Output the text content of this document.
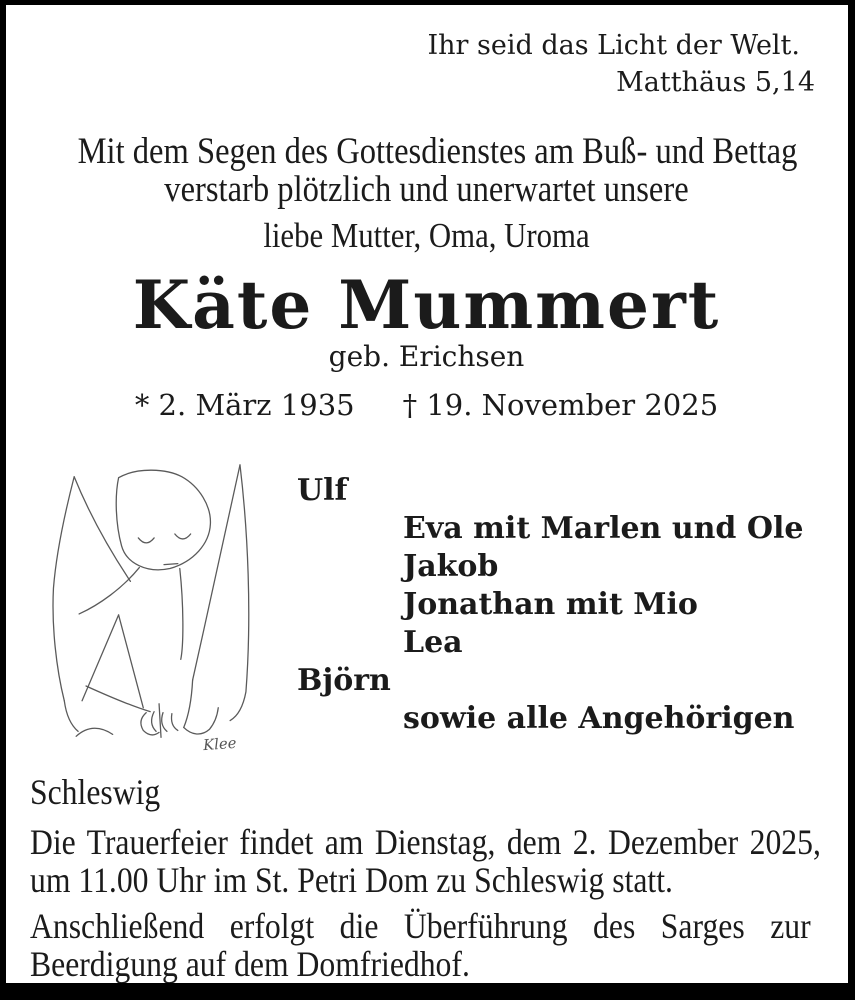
Ihr seid das Licht der Welt.
Matthäus 5,14
Mit dem Segen des Gottesdienstes am Buß- und Bettag
verstarb plötzlich und unerwartet unsere
liebe Mutter, Oma, Uroma
Käte Mummert
geb. Erichsen
* 2. März 1935 † 19. November 2025
Klee
Ulf
Eva mit Marlen und Ole
Jakob
Jonathan mit Mio
Lea
Björn
sowie alle Angehörigen
Schleswig
Die Trauerfeier findet am Dienstag, dem 2. Dezember 2025,
um 11.00 Uhr im St. Petri Dom zu Schleswig statt.
Anschließend erfolgt die Überführung des Sarges zur
Beerdigung auf dem Domfriedhof.
